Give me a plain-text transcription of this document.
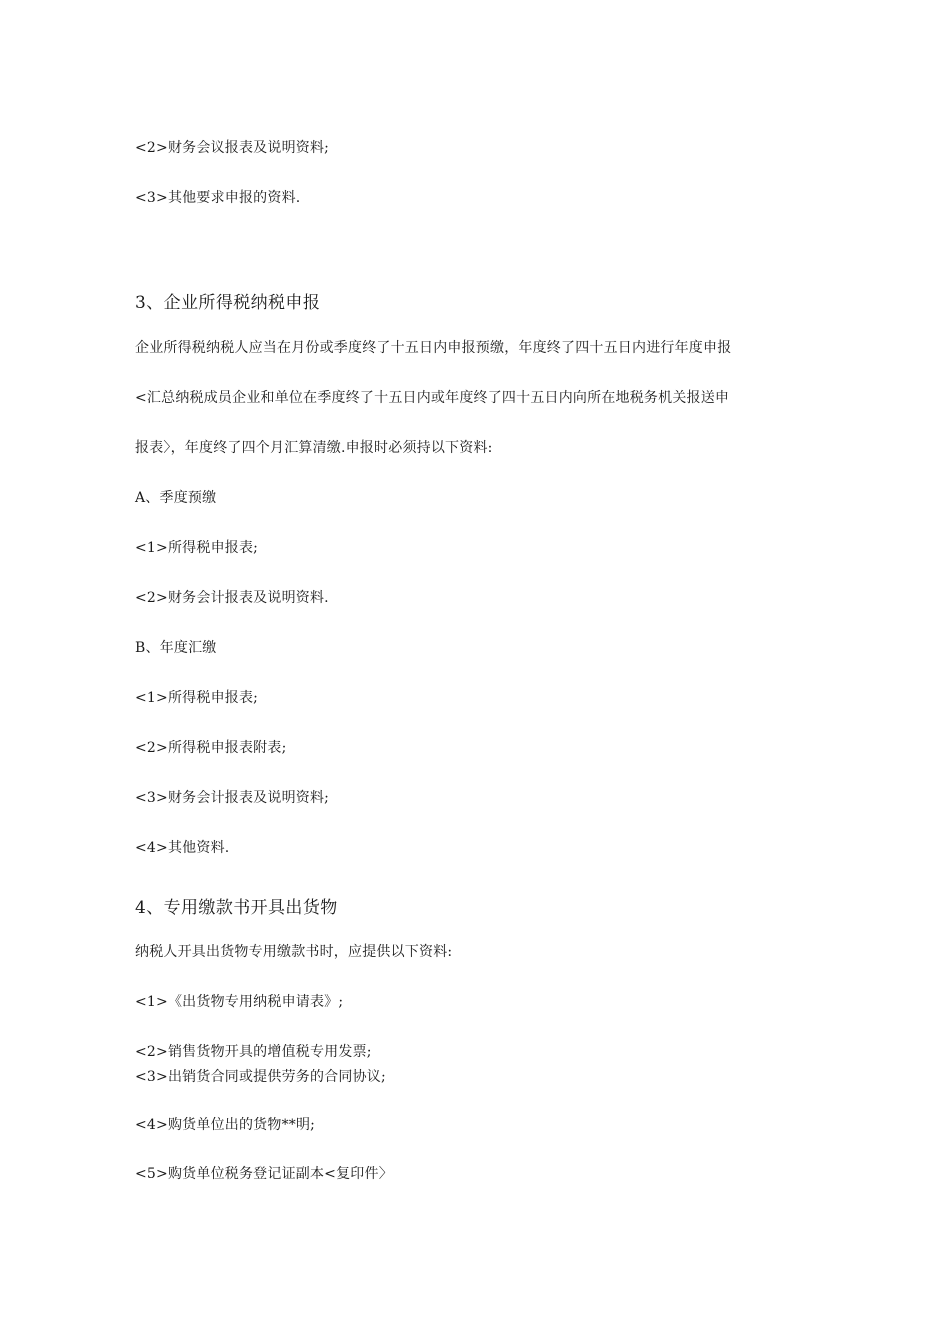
<2>财务会议报表及说明资料;
<3>其他要求申报的资料.
3、企业所得税纳税申报
企业所得税纳税人应当在月份或季度终了十五日内申报预缴，年度终了四十五日内进行年度申报
<汇总纳税成员企业和单位在季度终了十五日内或年度终了四十五日内向所在地税务机关报送申
报表〉，年度终了四个月汇算清缴.申报时必须持以下资料:
A、季度预缴
<1>所得税申报表;
<2>财务会计报表及说明资料.
B、年度汇缴
<1>所得税申报表;
<2>所得税申报表附表;
<3>财务会计报表及说明资料;
<4>其他资料.
4、专用缴款书开具出货物
纳税人开具出货物专用缴款书时，应提供以下资料:
<1>《出货物专用纳税申请表》;
<2>销售货物开具的增值税专用发票;
<3>出销货合同或提供劳务的合同协议;
<4>购货单位出的货物**明;
<5>购货单位税务登记证副本<复印件〉
